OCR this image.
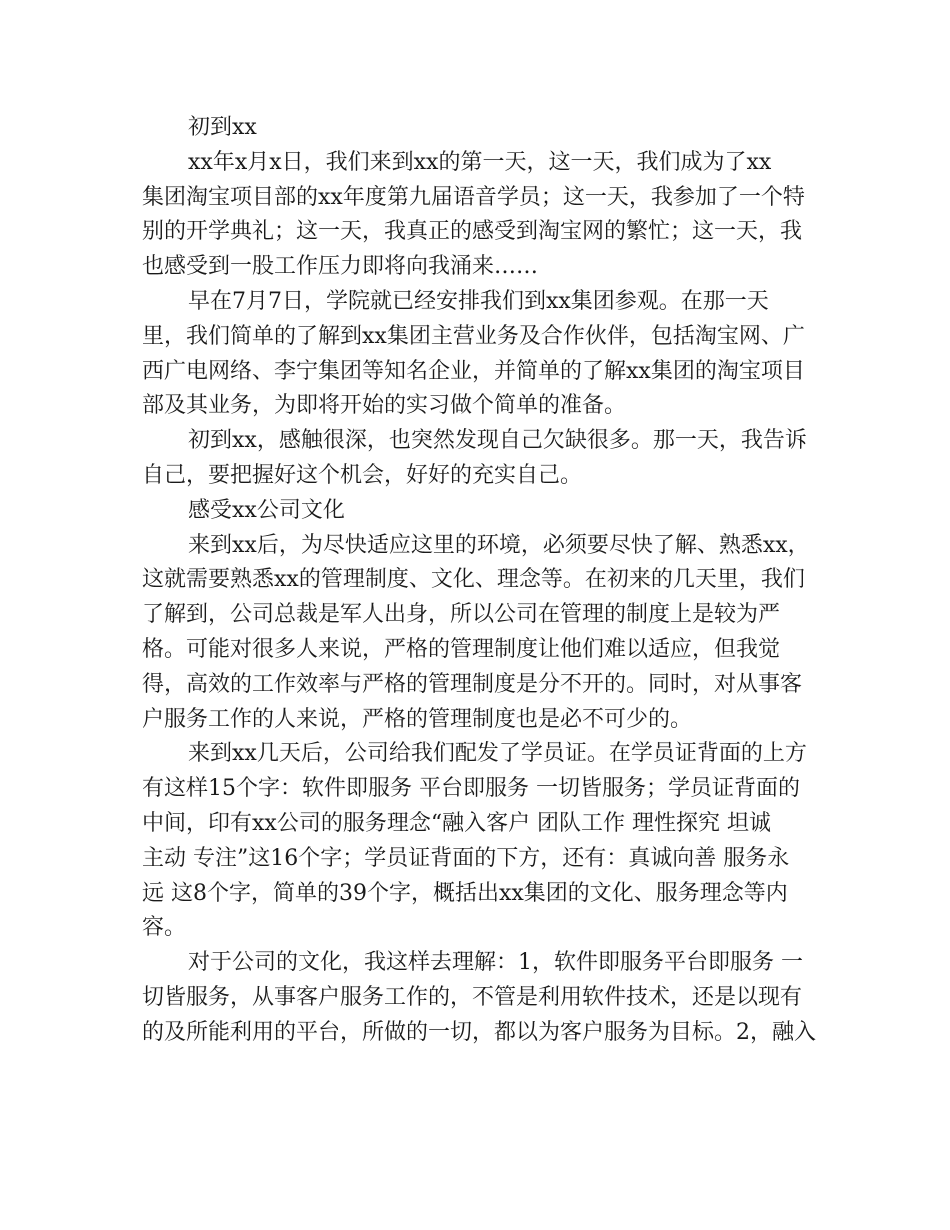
初到xx
xx年x月x日，我们来到xx的第一天，这一天，我们成为了xx
集团淘宝项目部的xx年度第九届语音学员；这一天，我参加了一个特
别的开学典礼；这一天，我真正的感受到淘宝网的繁忙；这一天，我
也感受到一股工作压力即将向我涌来……
早在7月7日，学院就已经安排我们到xx集团参观。在那一天
里，我们简单的了解到xx集团主营业务及合作伙伴，包括淘宝网、广
西广电网络、李宁集团等知名企业，并简单的了解xx集团的淘宝项目
部及其业务，为即将开始的实习做个简单的准备。
初到xx，感触很深，也突然发现自己欠缺很多。那一天，我告诉
自己，要把握好这个机会，好好的充实自己。
感受xx公司文化
来到xx后，为尽快适应这里的环境，必须要尽快了解、熟悉xx，
这就需要熟悉xx的管理制度、文化、理念等。在初来的几天里，我们
了解到，公司总裁是军人出身，所以公司在管理的制度上是较为严
格。可能对很多人来说，严格的管理制度让他们难以适应，但我觉
得，高效的工作效率与严格的管理制度是分不开的。同时，对从事客
户服务工作的人来说，严格的管理制度也是必不可少的。
来到xx几天后，公司给我们配发了学员证。在学员证背面的上方
有这样15个字：软件即服务 平台即服务 一切皆服务；学员证背面的
中间，印有xx公司的服务理念“融入客户 团队工作 理性探究 坦诚
主动 专注”这16个字；学员证背面的下方，还有：真诚向善 服务永
远 这8个字，简单的39个字，概括出xx集团的文化、服务理念等内
容。
对于公司的文化，我这样去理解：1，软件即服务平台即服务 一
切皆服务，从事客户服务工作的，不管是利用软件技术，还是以现有
的及所能利用的平台，所做的一切，都以为客户服务为目标。2，融入
